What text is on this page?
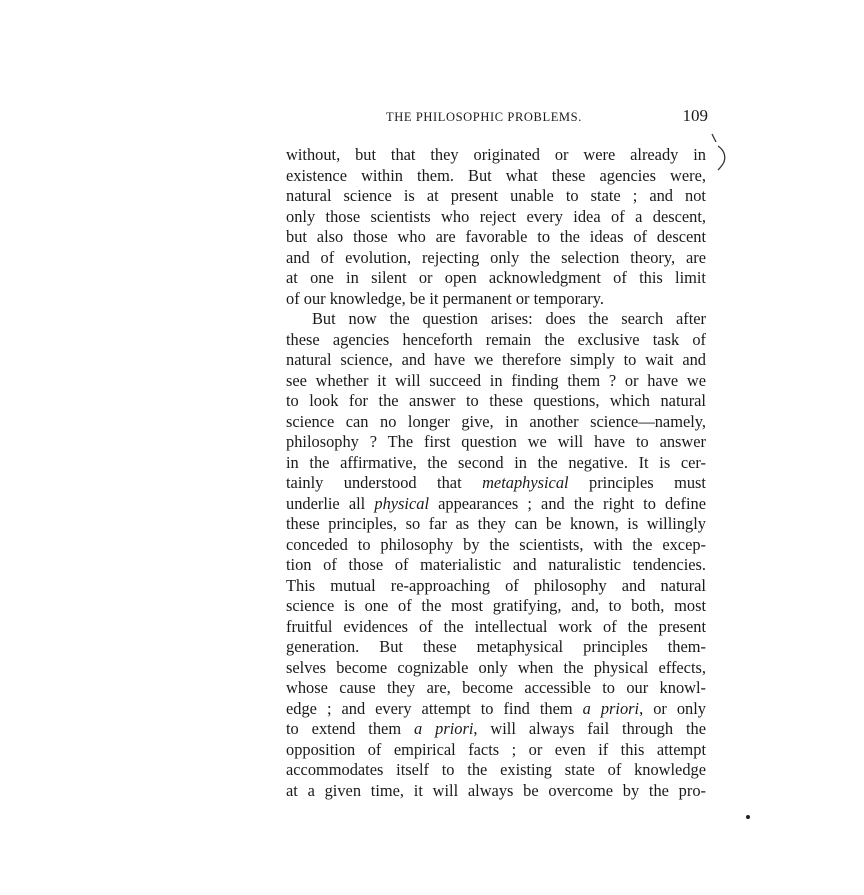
THE PHILOSOPHIC PROBLEMS.	109
without, but that they originated or were already in
existence within them. But what these agencies were,
natural science is at present unable to state ; and not
only those scientists who reject every idea of a descent,
but also those who are favorable to the ideas of descent
and of evolution, rejecting only the selection theory, are
at one in silent or open acknowledgment of this limit
of our knowledge, be it permanent or temporary.
But now the question arises: does the search after
these agencies henceforth remain the exclusive task of
natural science, and have we therefore simply to wait and
see whether it will succeed in finding them ? or have we
to look for the answer to these questions, which natural
science can no longer give, in another science—namely,
philosophy ? The first question we will have to answer
in the affirmative, the second in the negative. It is cer-
tainly understood that metaphysical principles must
underlie all physical appearances ; and the right to define
these principles, so far as they can be known, is willingly
conceded to philosophy by the scientists, with the excep-
tion of those of materialistic and naturalistic tendencies.
This mutual re-approaching of philosophy and natural
science is one of the most gratifying, and, to both, most
fruitful evidences of the intellectual work of the present
generation. But these metaphysical principles them-
selves become cognizable only when the physical effects,
whose cause they are, become accessible to our knowl-
edge ; and every attempt to find them a priori, or only
to extend them a priori, will always fail through the
opposition of empirical facts ; or even if this attempt
accommodates itself to the existing state of knowledge
at a given time, it will always be overcome by the pro-
